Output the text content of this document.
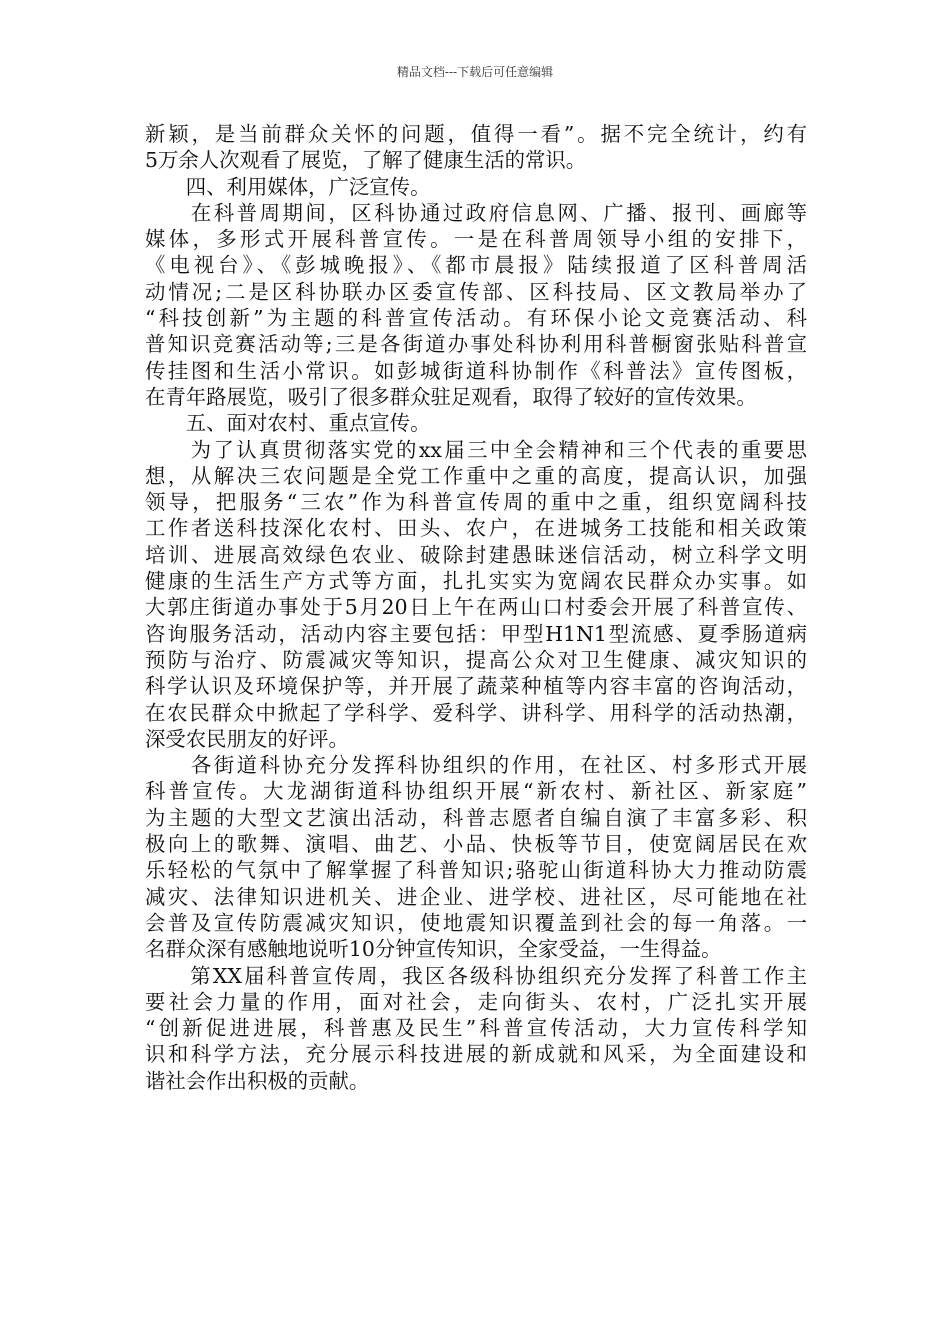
精品文档---下载后可任意编辑

新颖，是当前群众关怀的问题，值得一看”。据不完全统计，约有
5万余人次观看了展览，了解了健康生活的常识。

　　四、利用媒体，广泛宣传。

　　在科普周期间，区科协通过政府信息网、广播、报刊、画廊等
媒体，多形式开展科普宣传。一是在科普周领导小组的安排下，
《电视台》、《彭城晚报》、《都市晨报》陆续报道了区科普周活
动情况;二是区科协联办区委宣传部、区科技局、区文教局举办了
“科技创新”为主题的科普宣传活动。有环保小论文竞赛活动、科
普知识竞赛活动等;三是各街道办事处科协利用科普橱窗张贴科普宣
传挂图和生活小常识。如彭城街道科协制作《科普法》宣传图板，
在青年路展览，吸引了很多群众驻足观看，取得了较好的宣传效果。

　　五、面对农村、重点宣传。

　　为了认真贯彻落实党的xx届三中全会精神和三个代表的重要思
想，从解决三农问题是全党工作重中之重的高度，提高认识，加强
领导，把服务“三农”作为科普宣传周的重中之重，组织宽阔科技
工作者送科技深化农村、田头、农户，在进城务工技能和相关政策
培训、进展高效绿色农业、破除封建愚昧迷信活动，树立科学文明
健康的生活生产方式等方面，扎扎实实为宽阔农民群众办实事。如
大郭庄街道办事处于5月20日上午在两山口村委会开展了科普宣传、
咨询服务活动，活动内容主要包括：甲型H1N1型流感、夏季肠道病
预防与治疗、防震减灾等知识，提高公众对卫生健康、减灾知识的
科学认识及环境保护等，并开展了蔬菜种植等内容丰富的咨询活动，
在农民群众中掀起了学科学、爱科学、讲科学、用科学的活动热潮，
深受农民朋友的好评。

　　各街道科协充分发挥科协组织的作用，在社区、村多形式开展
科普宣传。大龙湖街道科协组织开展“新农村、新社区、新家庭”
为主题的大型文艺演出活动，科普志愿者自编自演了丰富多彩、积
极向上的歌舞、演唱、曲艺、小品、快板等节目，使宽阔居民在欢
乐轻松的气氛中了解掌握了科普知识;骆驼山街道科协大力推动防震
减灾、法律知识进机关、进企业、进学校、进社区，尽可能地在社
会普及宣传防震减灾知识，使地震知识覆盖到社会的每一角落。一
名群众深有感触地说听10分钟宣传知识，全家受益，一生得益。

　　第XX届科普宣传周，我区各级科协组织充分发挥了科普工作主
要社会力量的作用，面对社会，走向街头、农村，广泛扎实开展
“创新促进进展，科普惠及民生”科普宣传活动，大力宣传科学知
识和科学方法，充分展示科技进展的新成就和风采，为全面建设和
谐社会作出积极的贡献。
